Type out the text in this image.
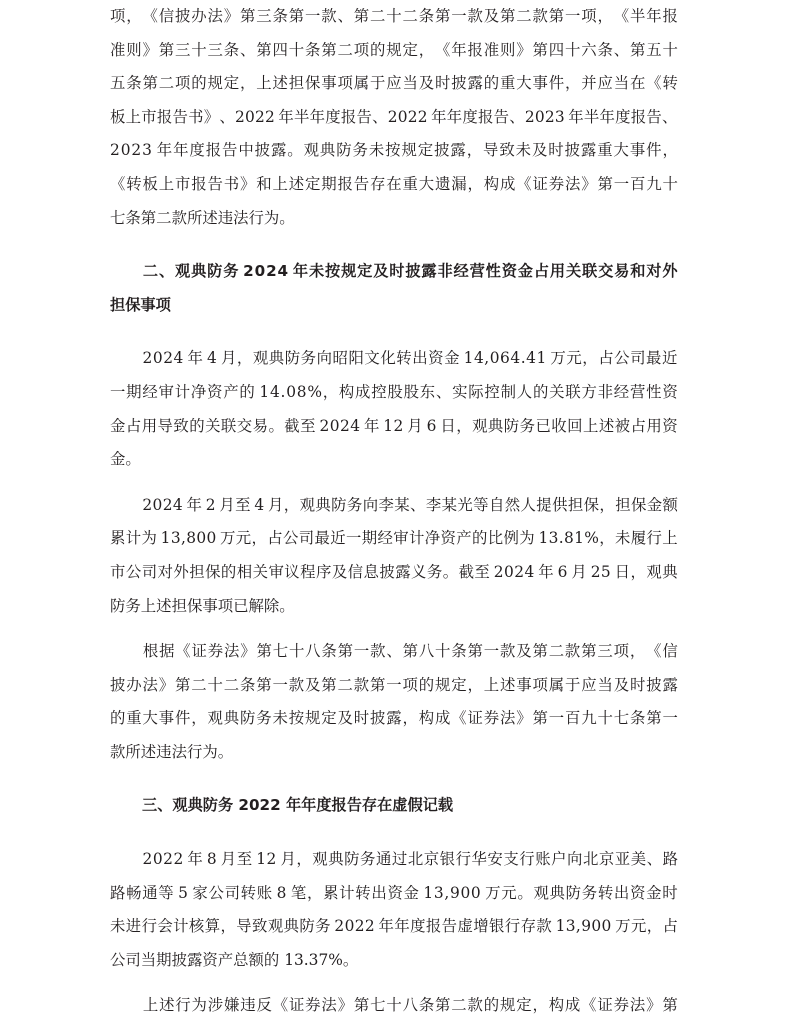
项 ， 《 信 披 办 法 》 第 三 条 第 一 款 、 第 二 十 二 条 第 一 款 及 第 二 款 第 一 项 ， 《 半 年 报
准 则 》 第 三 十 三 条 、 第 四 十 条 第 二 项 的 规 定 ， 《 年 报 准 则 》 第 四 十 六 条 、 第 五 十
五 条 第 二 项 的 规 定 ， 上 述 担 保 事 项 属 于 应 当 及 时 披 露 的 重 大 事 件 ， 并 应 当 在 《 转
板 上 市 报 告 书 》 、 2 0 2 2
  年 半 年 度 报 告 、 2 0 2 2
  年 年 度 报 告 、 2 0 2 3
  年 半 年 度 报 告 、
2 0 2 3
  年 年 度 报 告 中 披 露 。 观 典 防 务 未 按 规 定 披 露 ， 导 致 未 及 时 披 露 重 大 事 件 ，
《 转 板 上 市 报 告 书 》 和 上 述 定 期 报 告 存 在 重 大 遗 漏 ， 构 成 《 证 券 法 》 第 一 百 九 十
七条第二款所述违法行为。
二 、 观 典 防 务
  2 0 2 4
  年 未 按 规 定 及 时 披 露 非 经 营 性 资 金 占 用 关 联 交 易 和 对 外
担保事项
2 0 2 4
  年
  4
  月 ， 观 典 防 务 向 昭 阳 文 化 转 出 资 金
  1 4 , 0 6 4 . 4 1
  万 元 ， 占 公 司 最 近
一 期 经 审 计 净 资 产 的
  1 4 . 0 8 % ， 构 成 控 股 股 东 、 实 际 控 制 人 的 关 联 方 非 经 营 性 资
金 占 用 导 致 的 关 联 交 易 。 截 至
  2 0 2 4
  年
  1 2
  月
  6
  日 ， 观 典 防 务 已 收 回 上 述 被 占 用 资
金。
2 0 2 4
  年
  2
  月 至
  4
  月 ， 观 典 防 务 向 李 某 、 李 某 光 等 自 然 人 提 供 担 保 ， 担 保 金 额
累 计 为
  1 3 , 8 0 0
  万 元 ， 占 公 司 最 近 一 期 经 审 计 净 资 产 的 比 例 为
  1 3 . 8 1 % ， 未 履 行 上
市 公 司 对 外 担 保 的 相 关 审 议 程 序 及 信 息 披 露 义 务 。 截 至
  2 0 2 4
  年
  6
  月
  2 5
  日 ， 观 典
防务上述担保事项已解除。
根 据 《 证 券 法 》 第 七 十 八 条 第 一 款 、 第 八 十 条 第 一 款 及 第 二 款 第 三 项 ， 《 信
披 办 法 》 第 二 十 二 条 第 一 款 及 第 二 款 第 一 项 的 规 定 ， 上 述 事 项 属 于 应 当 及 时 披 露
的 重 大 事 件 ， 观 典 防 务 未 按 规 定 及 时 披 露 ， 构 成 《 证 券 法 》 第 一 百 九 十 七 条 第 一
款所述违法行为。
三、观典防务 2022 年年度报告存在虚假记载
2 0 2 2
  年
  8
  月 至
  1 2
  月 ， 观 典 防 务 通 过 北 京 银 行 华 安 支 行 账 户 向 北 京 亚 美 、 路
路 畅 通 等
  5
  家 公 司 转 账
  8
  笔 ， 累 计 转 出 资 金
  1 3 , 9 0 0
  万 元 。 观 典 防 务 转 出 资 金 时
未 进 行 会 计 核 算 ， 导 致 观 典 防 务
  2 0 2 2
  年 年 度 报 告 虚 增 银 行 存 款
  1 3 , 9 0 0
  万 元 ， 占
公司当期披露资产总额的 13.37%。
上 述 行 为 涉 嫌 违 反 《 证 券 法 》 第 七 十 八 条 第 二 款 的 规 定 ， 构 成 《 证 券 法 》 第
